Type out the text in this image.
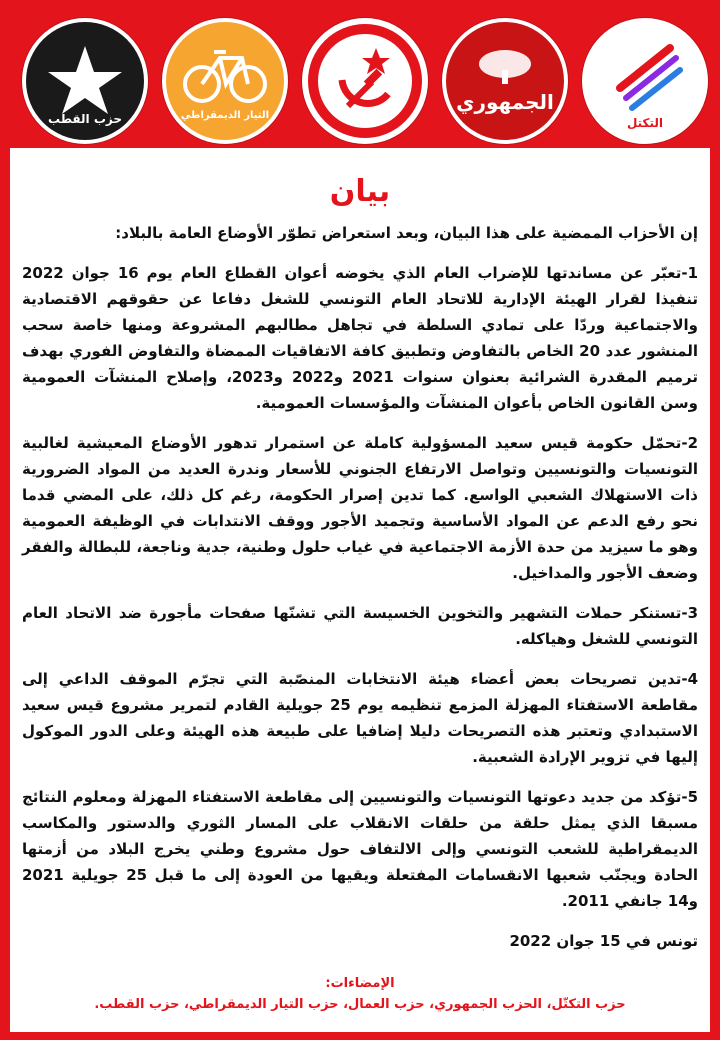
حزب القطب	التيار الديمقراطي
الجمهوري
التكتل
بيان

إن الأحزاب الممضية على هذا البيان، وبعد استعراض تطوّر الأوضاع العامة بالبلاد:

1-تعبّر عن مساندتها للإضراب العام الذي يخوضه أعوان القطاع العام يوم 16 جوان 2022 تنفيذا لقرار الهيئة الإدارية للاتحاد العام التونسي للشغل دفاعا عن حقوقهم الاقتصادية والاجتماعية وردّا على تمادي السلطة في تجاهل مطالبهم المشروعة ومنها خاصة سحب المنشور عدد 20 الخاص بالتفاوض وتطبيق كافة الاتفاقيات الممضاة والتفاوض الفوري بهدف ترميم المقدرة الشرائية بعنوان سنوات 2021 و2022 و2023، وإصلاح المنشآت العمومية وسن القانون الخاص بأعوان المنشآت والمؤسسات العمومية.

2-تحمّل حكومة قيس سعيد المسؤولية كاملة عن استمرار تدهور الأوضاع المعيشية لغالبية التونسيات والتونسيين وتواصل الارتفاع الجنوني للأسعار وندرة العديد من المواد الضرورية ذات الاستهلاك الشعبي الواسع. كما تدين إصرار الحكومة، رغم كل ذلك، على المضي قدما نحو رفع الدعم عن المواد الأساسية وتجميد الأجور ووقف الانتدابات في الوظيفة العمومية وهو ما سيزيد من حدة الأزمة الاجتماعية في غياب حلول وطنية، جدية وناجعة، للبطالة والفقر وضعف الأجور والمداخيل.

3-تستنكر حملات التشهير والتخوين الخسيسة التي تشنّها صفحات مأجورة ضد الاتحاد العام التونسي للشغل وهياكله.

4-تدين تصريحات بعض أعضاء هيئة الانتخابات المنصّبة التي تجرّم الموقف الداعي إلى مقاطعة الاستفتاء المهزلة المزمع تنظيمه يوم 25 جويلية القادم لتمرير مشروع قيس سعيد الاستبدادي وتعتبر هذه التصريحات دليلا إضافيا على طبيعة هذه الهيئة وعلى الدور الموكول إليها في تزوير الإرادة الشعبية.

5-تؤكد من جديد دعوتها التونسيات والتونسيين إلى مقاطعة الاستفتاء المهزلة ومعلوم النتائج مسبقا الذي يمثل حلقة من حلقات الانقلاب على المسار الثوري والدستور والمكاسب الديمقراطية للشعب التونسي وإلى الالتفاف حول مشروع وطني يخرج البلاد من أزمتها الحادة ويجنّب شعبها الانقسامات المفتعلة ويقيها من العودة إلى ما قبل 25 جويلية 2021 و14 جانفي 2011.

تونس في 15 جوان 2022

الإمضاءات:
حزب التكتّل، الحزب الجمهوري، حزب العمال، حزب التيار الديمقراطي، حزب القطب.
